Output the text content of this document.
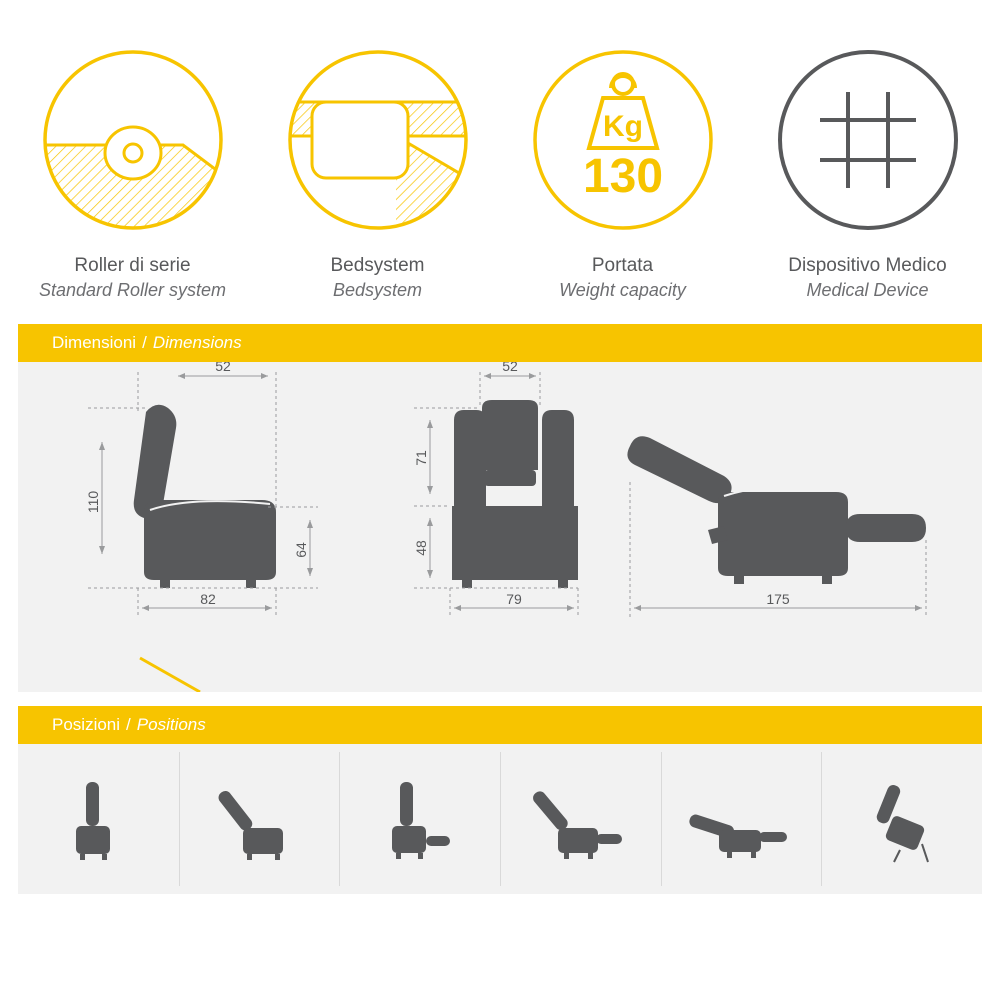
Roller di serie
Standard Roller system
Bedsystem
Bedsystem
Kg
130
Portata
Weight capacity
Dispositivo Medico
Medical Device
Dimensioni / Dimensions
52
110
64
82
52
71
48
79	175
Posizioni / Positions
